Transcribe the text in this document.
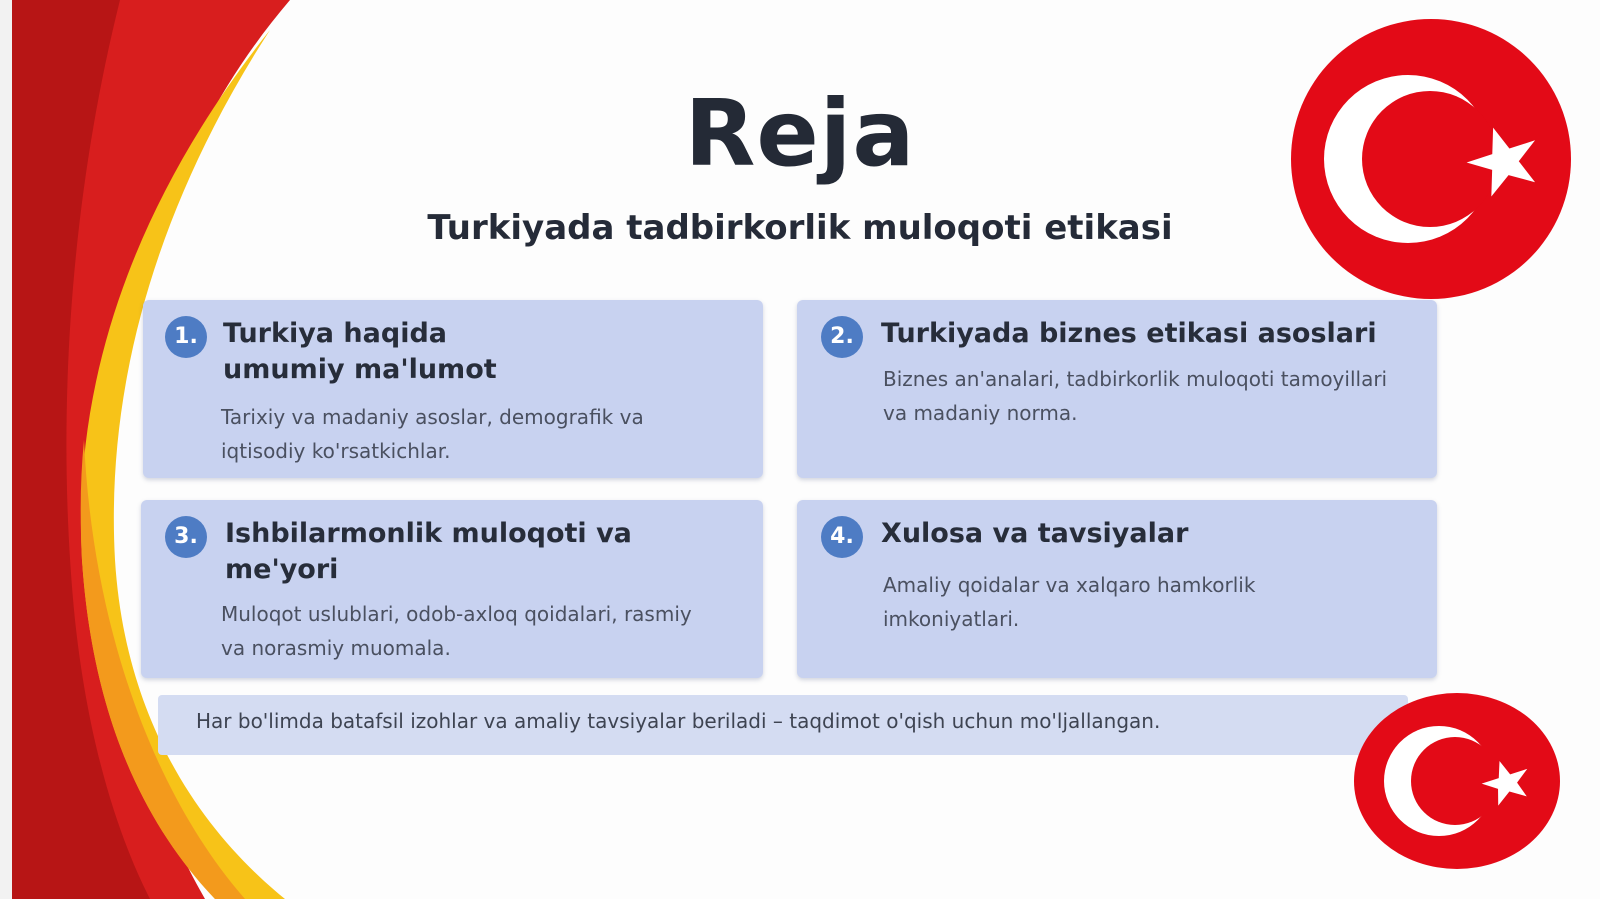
Reja
Turkiyada tadbirkorlik muloqoti etikasi
1. Turkiya haqida umumiy ma'lumot
Tarixiy va madaniy asoslar, demografik va iqtisodiy ko'rsatkichlar.
2.	Turkiyada biznes etikasi asoslari
Biznes an'analari, tadbirkorlik muloqoti tamoyillari va madaniy norma.
3.	Ishbilarmonlik muloqoti va me'yori
Muloqot uslublari, odob-axloq qoidalari, rasmiy va norasmiy muomala.
4.	Xulosa va tavsiyalar
Amaliy qoidalar va xalqaro hamkorlik imkoniyatlari.
Har bo'limda batafsil izohlar va amaliy tavsiyalar beriladi – taqdimot o'qish uchun mo'ljallangan.
